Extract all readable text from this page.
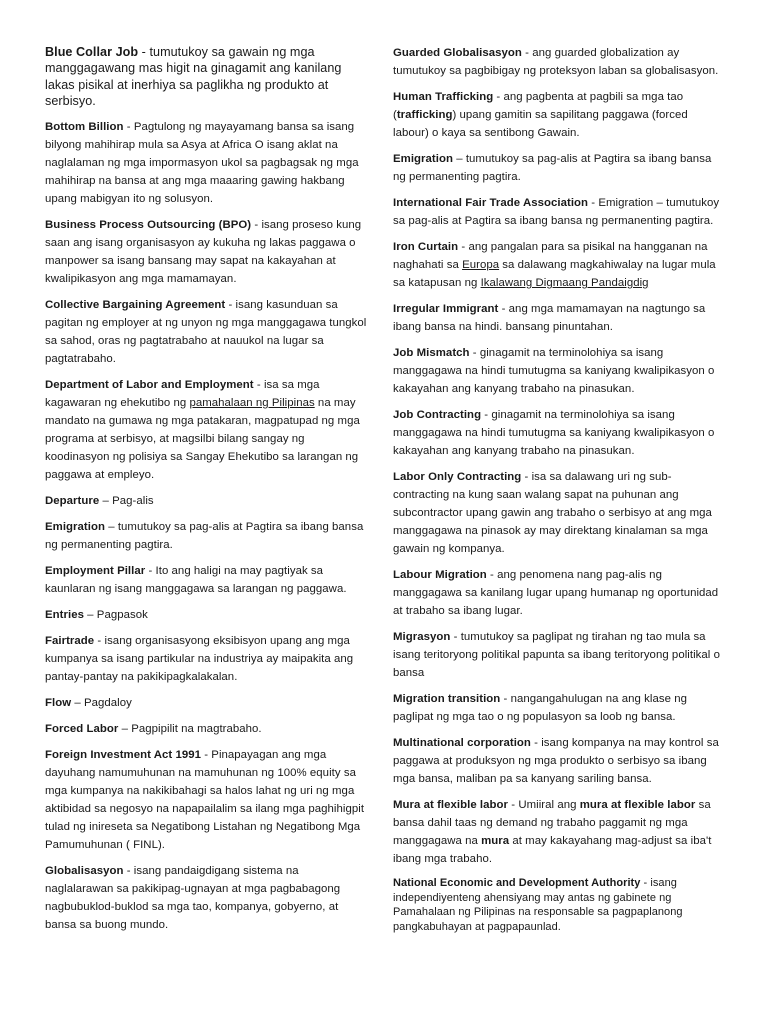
Blue Collar Job - tumutukoy sa gawain ng mga manggagawang mas higit na ginagamit ang kanilang lakas pisikal at inerhiya sa paglikha ng produkto at serbisyo.

Bottom Billion - Pagtulong ng mayayamang bansa sa isang bilyong mahihirap mula sa Asya at Africa O isang aklat na naglalaman ng mga impormasyon ukol sa pagbagsak ng mga mahihirap na bansa at ang mga maaaring gawing hakbang upang mabigyan ito ng solusyon.

Business Process Outsourcing (BPO) - isang proseso kung saan ang isang organisasyon ay kukuha ng lakas paggawa o manpower sa isang bansang may sapat na kakayahan at kwalipikasyon ang mga mamamayan.

Collective Bargaining Agreement - isang kasunduan sa pagitan ng employer at ng unyon ng mga manggagawa tungkol sa sahod, oras ng pagtatrabaho at nauukol na lugar sa pagtatrabaho.

Department of Labor and Employment - isa sa mga kagawaran ng ehekutibo ng pamahalaan ng Pilipinas na may mandato na gumawa ng mga patakaran, magpatupad ng mga programa at serbisyo, at magsilbi bilang sangay ng koodinasyon ng polisiya sa Sangay Ehekutibo sa larangan ng paggawa at empleyo.

Departure – Pag-alis

Emigration – tumutukoy sa pag-alis at Pagtira sa ibang bansa ng permanenting pagtira.

Employment Pillar - Ito ang haligi na may pagtiyak sa kaunlaran ng isang manggagawa sa larangan ng paggawa.

Entries – Pagpasok

Fairtrade - isang organisasyong eksibisyon upang ang mga kumpanya sa isang partikular na industriya ay maipakita ang pantay-pantay na pakikipagkalakalan.

Flow – Pagdaloy

Forced Labor – Pagpipilit na magtrabaho.

Foreign Investment Act 1991 - Pinapayagan ang mga dayuhang namumuhunan na mamuhunan ng 100% equity sa mga kumpanya na nakikibahagi sa halos lahat ng uri ng mga aktibidad sa negosyo na napapailalim sa ilang mga paghihigpit tulad ng inireseta sa Negatibong Listahan ng Negatibong Mga Pamumuhunan ( FINL).

Globalisasyon - isang pandaigdigang sistema na naglalarawan sa pakikipag-ugnayan at mga pagbabagong nagbubuklod-buklod sa mga tao, kompanya, gobyerno, at bansa sa buong mundo.

Guarded Globalisasyon - ang guarded globalization ay tumutukoy sa pagbibigay ng proteksyon laban sa globalisasyon.

Human Trafficking - ang pagbenta at pagbili sa mga tao (trafficking) upang gamitin sa sapilitang paggawa (forced labour) o kaya sa sentibong Gawain.

Emigration – tumutukoy sa pag-alis at Pagtira sa ibang bansa ng permanenting pagtira.

International Fair Trade Association - Emigration – tumutukoy sa pag-alis at Pagtira sa ibang bansa ng permanenting pagtira.

Iron Curtain - ang pangalan para sa pisikal na hangganan na naghahati sa Europa sa dalawang magkahiwalay na lugar mula sa katapusan ng Ikalawang Digmaang Pandaigdig

Irregular Immigrant - ang mga mamamayan na nagtungo sa ibang bansa na hindi. bansang pinuntahan.

Job Mismatch - ginagamit na terminolohiya sa isang manggagawa na hindi tumutugma sa kaniyang kwalipikasyon o kakayahan ang kanyang trabaho na pinasukan.

Job Contracting - ginagamit na terminolohiya sa isang manggagawa na hindi tumutugma sa kaniyang kwalipikasyon o kakayahan ang kanyang trabaho na pinasukan.

Labor Only Contracting - isa sa dalawang uri ng sub-contracting na kung saan walang sapat na puhunan ang subcontractor upang gawin ang trabaho o serbisyo at ang mga manggagawa na pinasok ay may direktang kinalaman sa mga gawain ng kompanya.

Labour Migration - ang penomena nang pag-alis ng manggagawa sa kanilang lugar upang humanap ng oportunidad at trabaho sa ibang lugar.

Migrasyon - tumutukoy sa paglipat ng tirahan ng tao mula sa isang teritoryong politikal papunta sa ibang teritoryong politikal o bansa

Migration transition - nangangahulugan na ang klase ng paglipat ng mga tao o ng populasyon sa loob ng bansa.

Multinational corporation - isang kompanya na may kontrol sa paggawa at produksyon ng mga produkto o serbisyo sa ibang mga bansa, maliban pa sa kanyang sariling bansa.

Mura at flexible labor - Umiiral ang mura at flexible labor sa bansa dahil taas ng demand ng trabaho paggamit ng mga manggagawa na mura at may kakayahang mag-adjust sa iba't ibang mga trabaho.

National Economic and Development Authority - isang independiyenteng ahensiyang may antas ng gabinete ng Pamahalaan ng Pilipinas na responsable sa pagpaplanong pangkabuhayan at pagpapaunlad.
